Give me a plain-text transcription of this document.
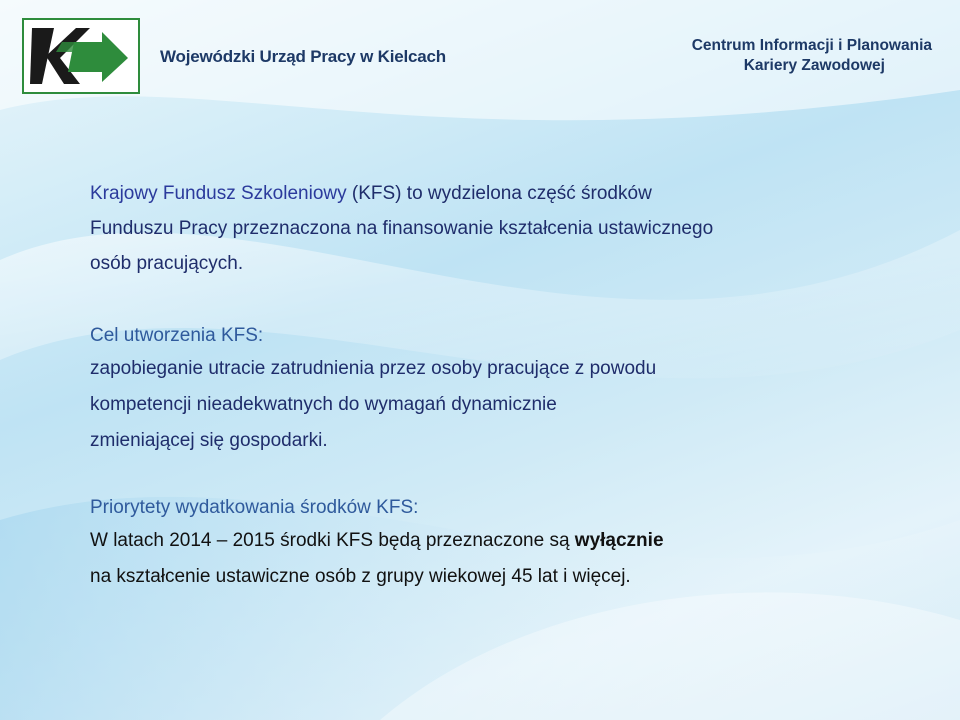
Wojewódzki Urząd Pracy w Kielcach
Centrum Informacji i Planowania
Kariery Zawodowej
Krajowy Fundusz Szkoleniowy (KFS) to wydzielona część środków
Funduszu Pracy przeznaczona na finansowanie kształcenia ustawicznego
osób pracujących.
Cel utworzenia KFS:
zapobieganie utracie zatrudnienia przez osoby pracujące z powodu
kompetencji nieadekwatnych do wymagań dynamicznie
zmieniającej się gospodarki.
Priorytety wydatkowania środków KFS:
W latach 2014 – 2015 środki KFS będą przeznaczone są wyłącznie
na kształcenie ustawiczne osób z grupy wiekowej 45 lat i więcej.
